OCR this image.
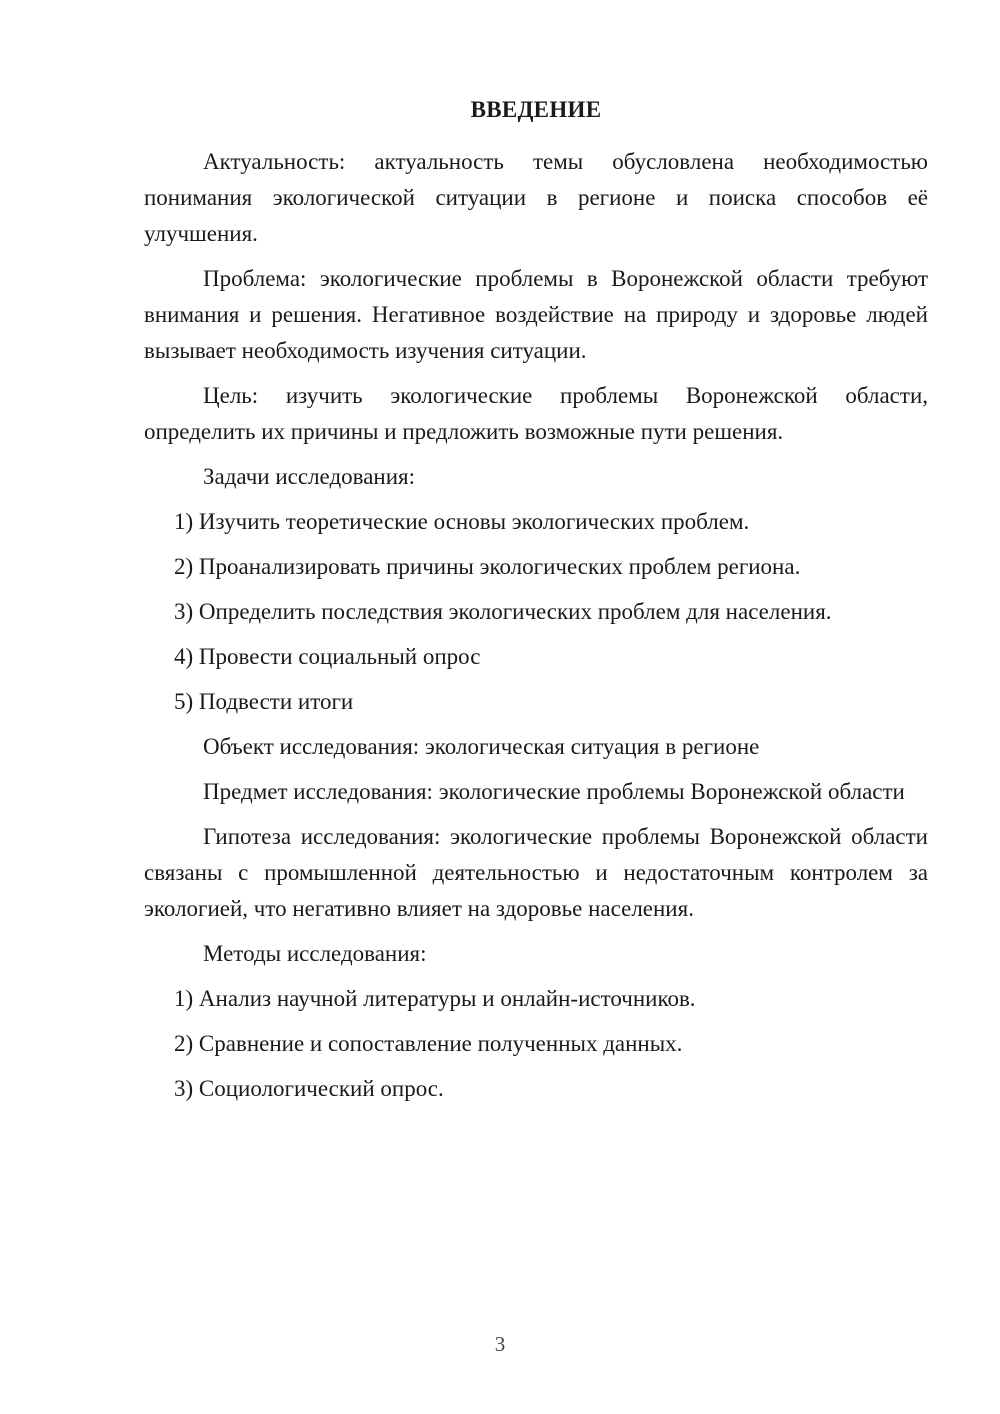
ВВЕДЕНИЕ

Актуальность: актуальность темы обусловлена необходимостью понимания экологической ситуации в регионе и поиска способов её улучшения.

Проблема: экологические проблемы в Воронежской области требуют внимания и решения. Негативное воздействие на природу и здоровье людей вызывает необходимость изучения ситуации.

Цель: изучить экологические проблемы Воронежской области, определить их причины и предложить возможные пути решения.

Задачи исследования:

1) Изучить теоретические основы экологических проблем.

2) Проанализировать причины экологических проблем региона.

3) Определить последствия экологических проблем для населения.

4) Провести социальный опрос

5) Подвести итоги

Объект исследования: экологическая ситуация в регионе

Предмет исследования: экологические проблемы Воронежской области

Гипотеза исследования: экологические проблемы Воронежской области связаны с промышленной деятельностью и недостаточным контролем за экологией, что негативно влияет на здоровье населения.

Методы исследования:

1) Анализ научной литературы и онлайн-источников.

2) Сравнение и сопоставление полученных данных.

3) Социологический опрос.

3
